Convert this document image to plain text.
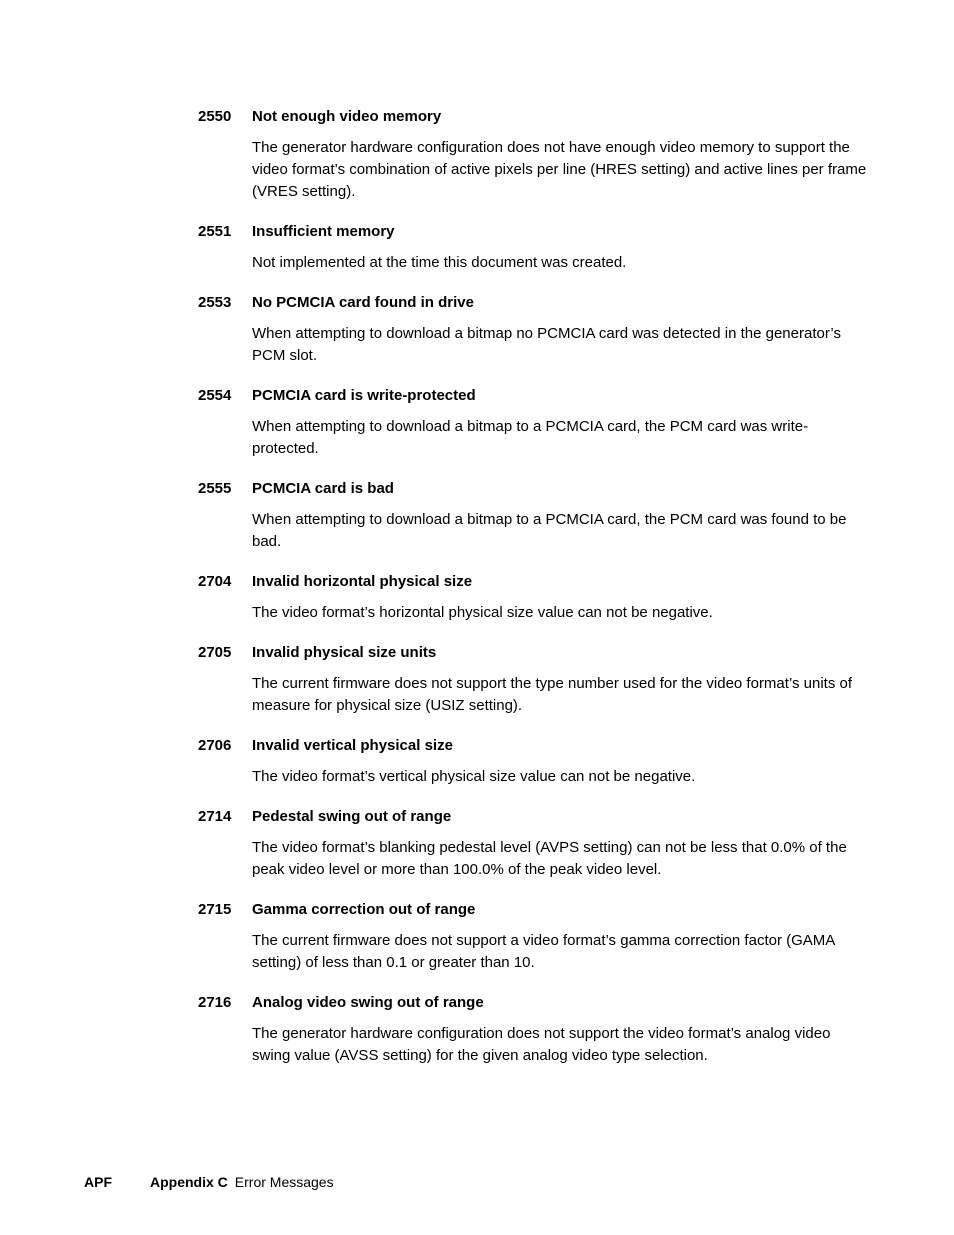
2550	Not enough video memory
The generator hardware configuration does not have enough video memory to support the video format’s combination of active pixels per line (HRES setting) and active lines per frame (VRES setting).
2551	Insufficient memory
Not implemented at the time this document was created.
2553	No PCMCIA card found in drive
When attempting to download a bitmap no PCMCIA card was detected in the generator’s PCM slot.
2554	PCMCIA card is write-protected
When attempting to download a bitmap to a PCMCIA card, the PCM card was write-protected.
2555	PCMCIA card is bad
When attempting to download a bitmap to a PCMCIA card, the PCM card was found to be bad.
2704	Invalid horizontal physical size
The video format’s horizontal physical size value can not be negative.
2705	Invalid physical size units
The current firmware does not support the type number used for the video format’s units of measure for physical size (USIZ setting).
2706	Invalid vertical physical size
The video format’s vertical physical size value can not be negative.
2714	Pedestal swing out of range
The video format’s blanking pedestal level (AVPS setting) can not be less that 0.0% of the peak video level or more than 100.0% of the peak video level.
2715	Gamma correction out of range
The current firmware does not support a video format’s gamma correction factor (GAMA setting) of less than 0.1 or greater than 10.
2716	Analog video swing out of range
The generator hardware configuration does not support the video format’s analog video swing value (AVSS setting) for the given analog video type selection.
APF	Appendix C Error Messages
